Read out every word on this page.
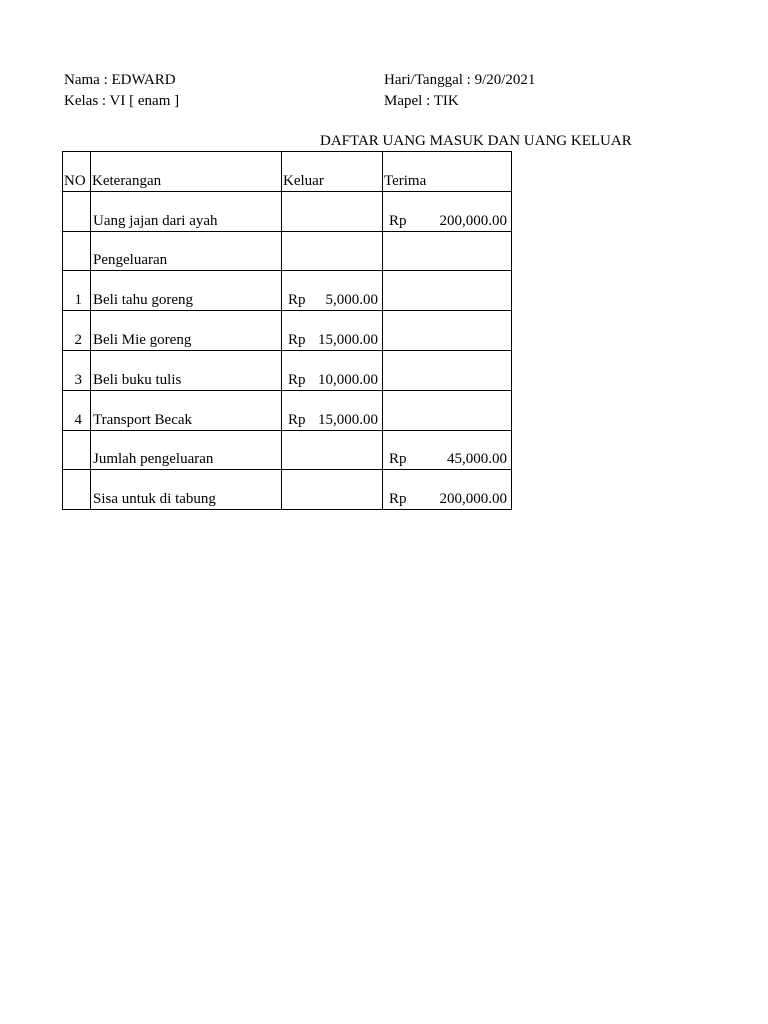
Nama : EDWARD
Kelas : VI [ enam ]
Hari/Tanggal : 9/20/2021
Mapel : TIK
DAFTAR UANG MASUK DAN UANG KELUAR
NO	Keterangan	Keluar	Terima
	Uang jajan dari ayah		Rp 200,000.00

	Pengeluaran	

1	Beli tahu goreng	Rp 5,000.00	

2	Beli Mie goreng	Rp 15,000.00	

3	Beli buku tulis	Rp 10,000.00	

4	Transport Becak	Rp 15,000.00	

	Jumlah pengeluaran		Rp 45,000.00

	Sisa untuk di tabung		Rp 200,000.00
